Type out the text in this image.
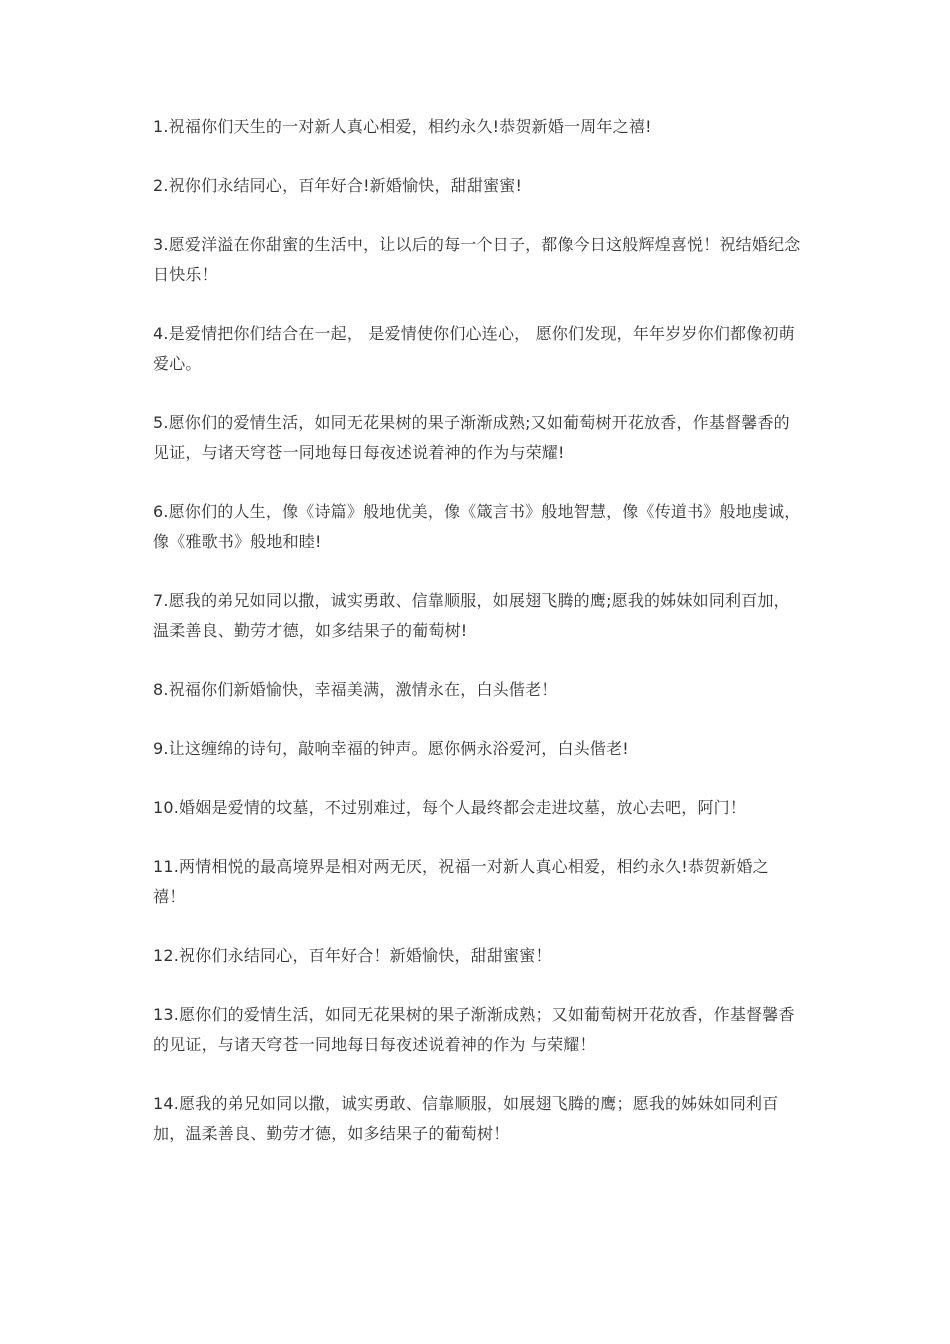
1.祝福你们天生的一对新人真心相爱，相约永久!恭贺新婚一周年之禧!

2.祝你们永结同心，百年好合!新婚愉快，甜甜蜜蜜!

3.愿爱洋溢在你甜蜜的生活中，让以后的每一个日子，都像今日这般辉煌喜悦！祝结婚纪念日快乐！

4.是爱情把你们结合在一起， 是爱情使你们心连心， 愿你们发现，年年岁岁你们都像初萌爱心。

5.愿你们的爱情生活，如同无花果树的果子渐渐成熟;又如葡萄树开花放香，作基督馨香的见证，与诸天穹苍一同地每日每夜述说着神的作为与荣耀!

6.愿你们的人生，像《诗篇》般地优美，像《箴言书》般地智慧，像《传道书》般地虔诚，像《雅歌书》般地和睦!

7.愿我的弟兄如同以撒，诚实勇敢、信靠顺服，如展翅飞腾的鹰;愿我的姊妹如同利百加，温柔善良、勤劳才德，如多结果子的葡萄树!

8.祝福你们新婚愉快，幸福美满，激情永在，白头偕老！

9.让这缠绵的诗句，敲响幸福的钟声。愿你俩永浴爱河，白头偕老!

10.婚姻是爱情的坟墓，不过别难过，每个人最终都会走进坟墓，放心去吧，阿门！

11.两情相悦的最高境界是相对两无厌，祝福一对新人真心相爱，相约永久!恭贺新婚之禧！

12.祝你们永结同心，百年好合！新婚愉快，甜甜蜜蜜！

13.愿你们的爱情生活，如同无花果树的果子渐渐成熟；又如葡萄树开花放香，作基督馨香的见证，与诸天穹苍一同地每日每夜述说着神的作为 与荣耀！

14.愿我的弟兄如同以撒，诚实勇敢、信靠顺服，如展翅飞腾的鹰；愿我的姊妹如同利百加，温柔善良、勤劳才德，如多结果子的葡萄树！
